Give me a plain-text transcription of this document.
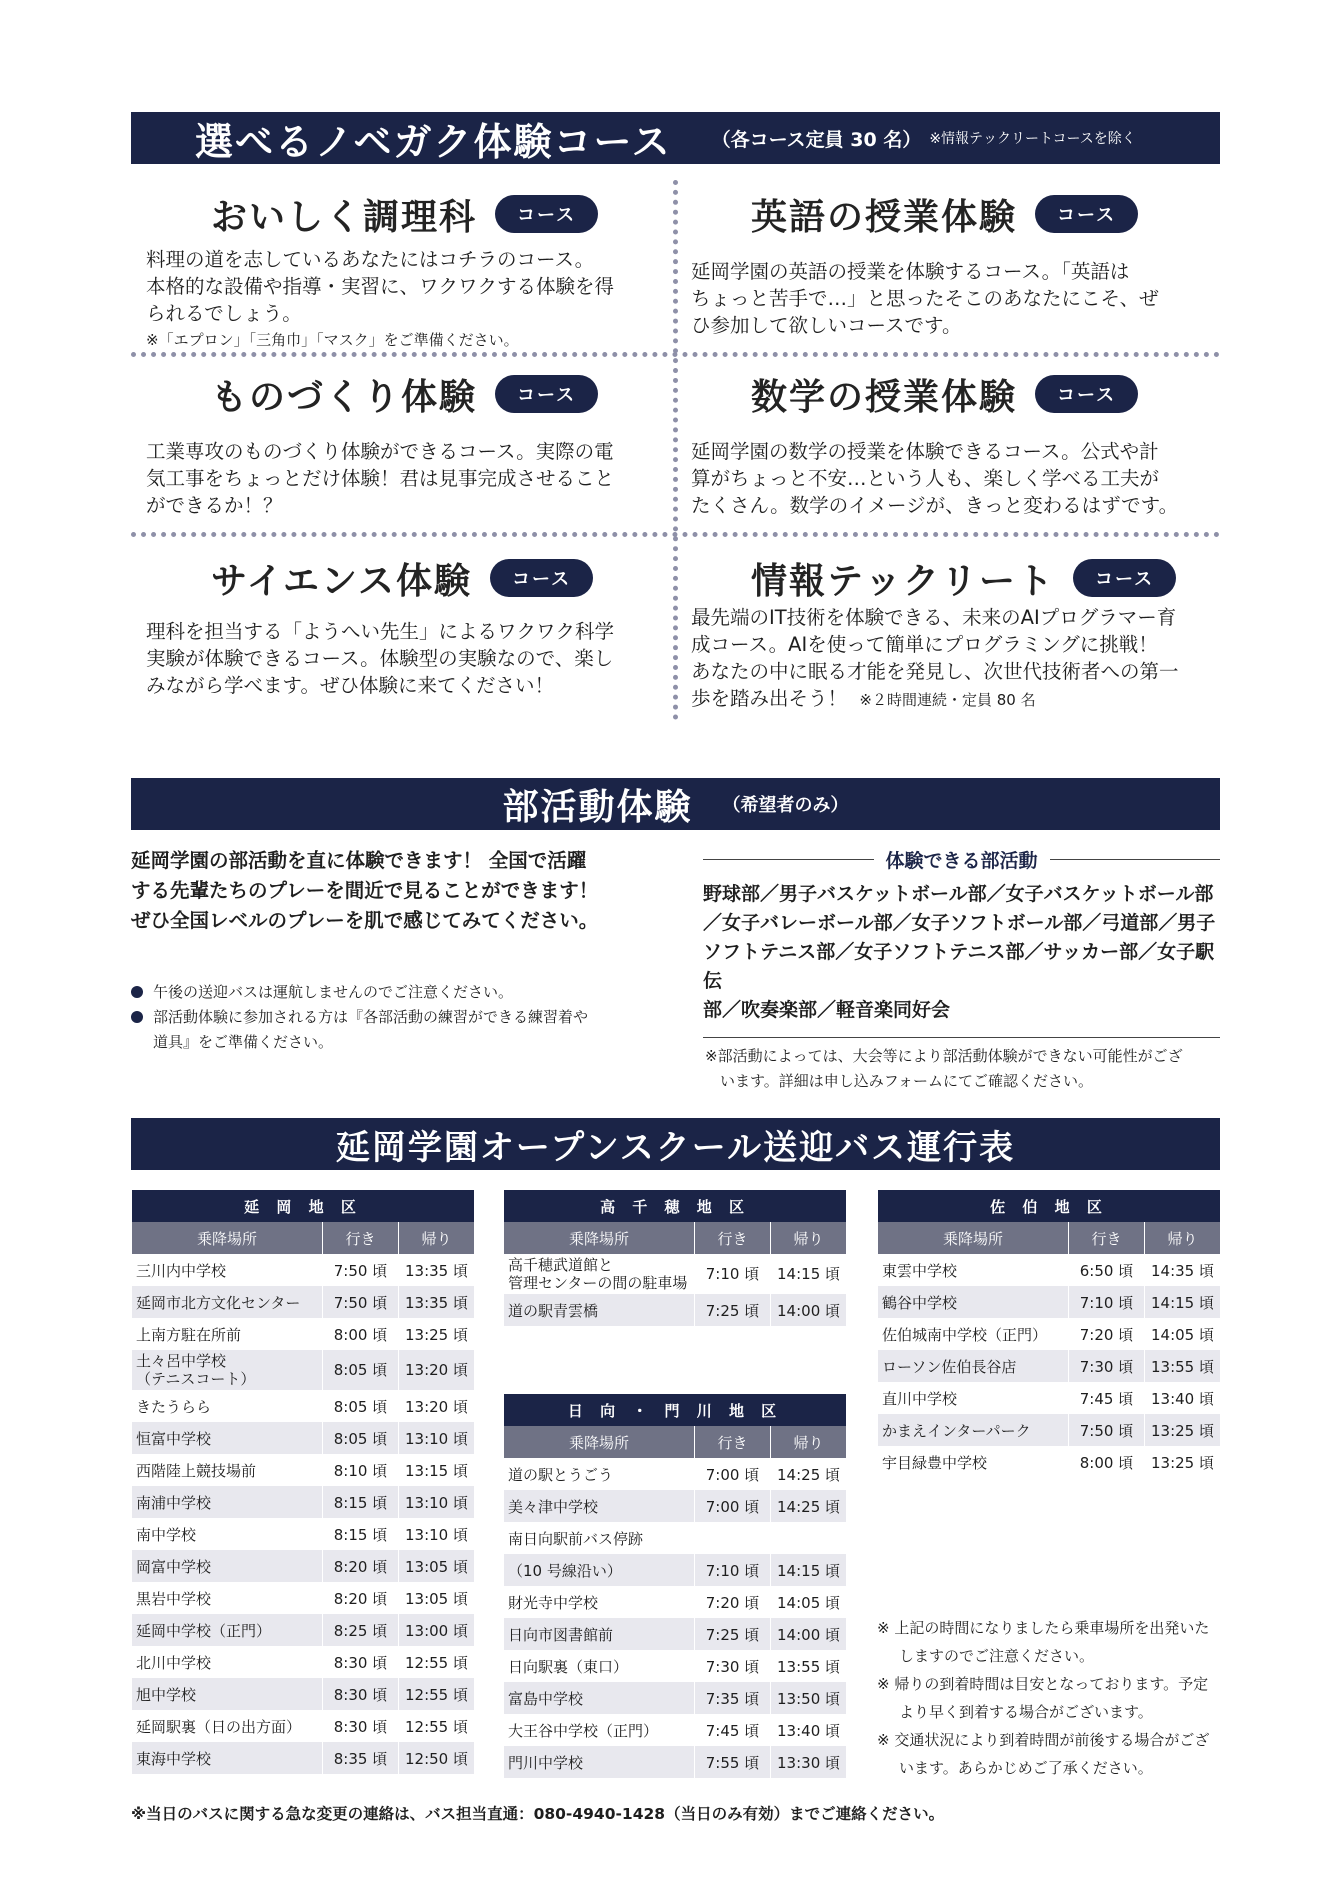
選べるノベガク体験コース （各コース定員 30 名） ※情報テックリートコースを除く
おいしく調理科	コース
料理の道を志しているあなたにはコチラのコース。
本格的な設備や指導・実習に、ワクワクする体験を得
られるでしょう。
※「エプロン」「三角巾」「マスク」をご準備ください。
英語の授業体験	コース
延岡学園の英語の授業を体験するコース。「英語は
ちょっと苦手で…」と思ったそこのあなたにこそ、ぜ
ひ参加して欲しいコースです。
ものづくり体験	コース
工業専攻のものづくり体験ができるコース。実際の電
気工事をちょっとだけ体験！君は見事完成させること
ができるか！？
数学の授業体験	コース
延岡学園の数学の授業を体験できるコース。公式や計
算がちょっと不安…という人も、楽しく学べる工夫が
たくさん。数学のイメージが、きっと変わるはずです。
サイエンス体験	コース
理科を担当する「ようへい先生」によるワクワク科学
実験が体験できるコース。体験型の実験なので、楽し
みながら学べます。ぜひ体験に来てください！
情報テックリート	コース
最先端のIT技術を体験できる、未来のAIプログラマー育
成コース。AIを使って簡単にプログラミングに挑戦！
あなたの中に眠る才能を発見し、次世代技術者への第一
歩を踏み出そう！ ※２時間連続・定員 80 名
部活動体験 （希望者のみ）
延岡学園の部活動を直に体験できます！ 全国で活躍
する先輩たちのプレーを間近で見ることができます！
ぜひ全国レベルのプレーを肌で感じてみてください。
午後の送迎バスは運航しませんのでご注意ください。
部活動体験に参加される方は『各部活動の練習ができる練習着や
道具』をご準備ください。
体験できる部活動
野球部／男子バスケットボール部／女子バスケットボール部
／女子バレーボール部／女子ソフトボール部／弓道部／男子
ソフトテニス部／女子ソフトテニス部／サッカー部／女子駅伝
部／吹奏楽部／軽音楽同好会
※部活動によっては、大会等により部活動体験ができない可能性がござ
　います。詳細は申し込みフォームにてご確認ください。
延岡学園オープンスクール送迎バス運行表
延 岡 地 区		
乗降場所	行き	帰り
三川内中学校	7:50 頃	13:35 頃
延岡市北方文化センター	7:50 頃	13:35 頃
上南方駐在所前	8:00 頃	13:25 頃
土々呂中学校
（テニスコート）	8:05 頃	13:20 頃
きたうらら	8:05 頃	13:20 頃
恒富中学校	8:05 頃	13:10 頃
西階陸上競技場前	8:10 頃	13:15 頃
南浦中学校	8:15 頃	13:10 頃
南中学校	8:15 頃	13:10 頃
岡富中学校	8:20 頃	13:05 頃
黒岩中学校	8:20 頃	13:05 頃
延岡中学校（正門）	8:25 頃	13:00 頃
北川中学校	8:30 頃	12:55 頃
旭中学校	8:30 頃	12:55 頃
延岡駅裏（日の出方面）	8:30 頃	12:55 頃
東海中学校	8:35 頃	12:50 頃
高 千 穂 地 区		
乗降場所	行き	帰り
高千穂武道館と
管理センターの間の駐車場	7:10 頃	14:15 頃
道の駅青雲橋	7:25 頃	14:00 頃
日 向 ・ 門 川 地 区		
乗降場所	行き	帰り
道の駅とうごう	7:00 頃	14:25 頃
美々津中学校	7:00 頃	14:25 頃
南日向駅前バス停跡		
（10 号線沿い）	7:10 頃	14:15 頃
財光寺中学校	7:20 頃	14:05 頃
日向市図書館前	7:25 頃	14:00 頃
日向駅裏（東口）	7:30 頃	13:55 頃
富島中学校	7:35 頃	13:50 頃
大王谷中学校（正門）	7:45 頃	13:40 頃
門川中学校	7:55 頃	13:30 頃
佐 伯 地 区		
乗降場所	行き	帰り
東雲中学校	6:50 頃	14:35 頃
鶴谷中学校	7:10 頃	14:15 頃
佐伯城南中学校（正門）	7:20 頃	14:05 頃
ローソン佐伯長谷店	7:30 頃	13:55 頃
直川中学校	7:45 頃	13:40 頃
かまえインターパーク	7:50 頃	13:25 頃
宇目緑豊中学校	8:00 頃	13:25 頃
※ 上記の時間になりましたら乗車場所を出発いた
しますのでご注意ください。
※ 帰りの到着時間は目安となっております。予定
より早く到着する場合がございます。
※ 交通状況により到着時間が前後する場合がござ
います。あらかじめご了承ください。
※当日のバスに関する急な変更の連絡は、バス担当直通：080-4940-1428（当日のみ有効）までご連絡ください。
